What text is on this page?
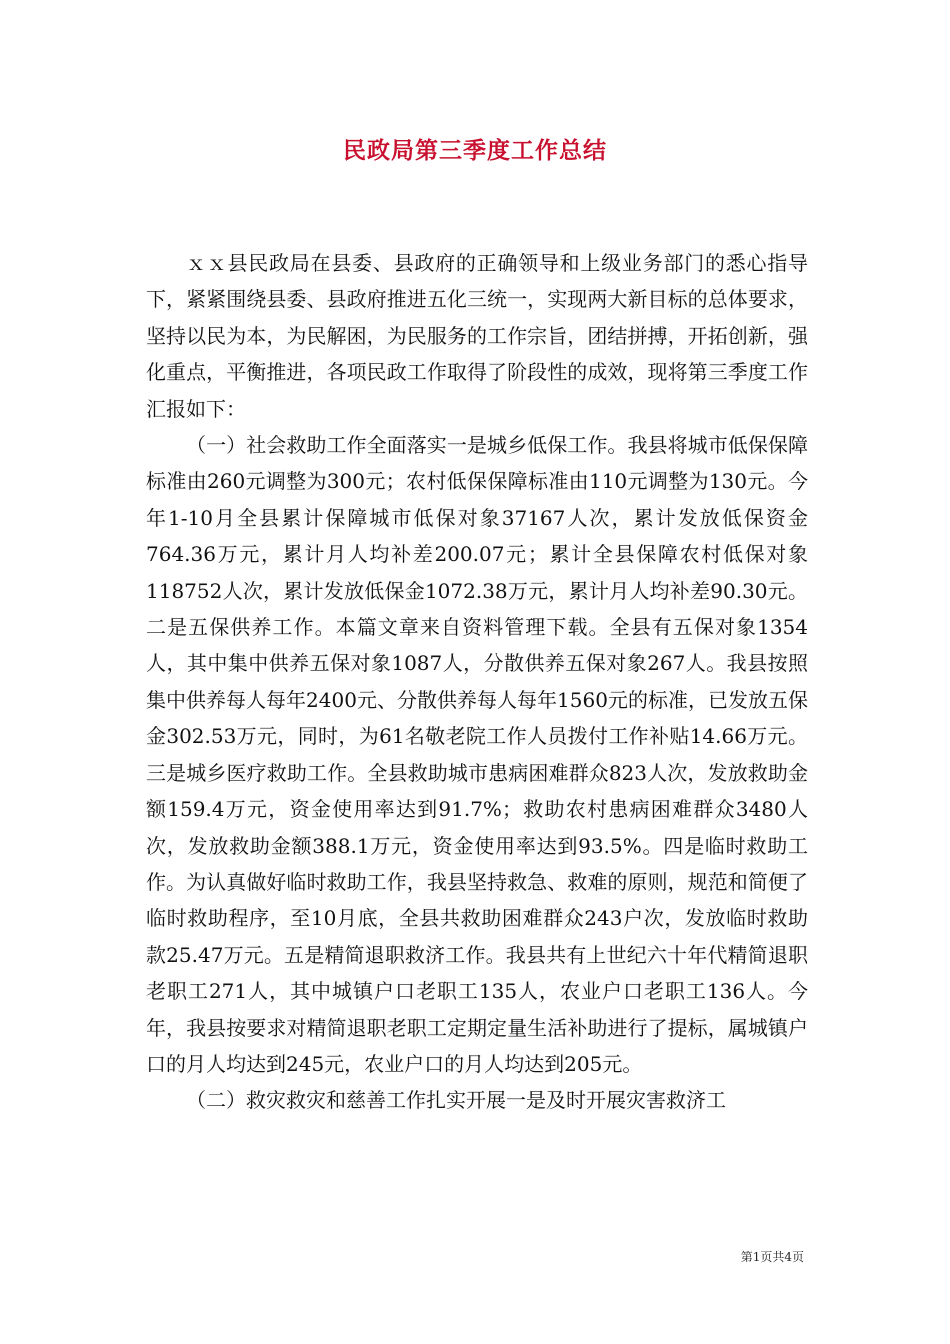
民政局第三季度工作总结

ｘｘ县民政局在县委、县政府的正确领导和上级业务部门的悉心指导下，紧紧围绕县委、县政府推进五化三统一，实现两大新目标的总体要求，坚持以民为本，为民解困，为民服务的工作宗旨，团结拼搏，开拓创新，强化重点，平衡推进，各项民政工作取得了阶段性的成效，现将第三季度工作汇报如下：

（一）社会救助工作全面落实一是城乡低保工作。我县将城市低保保障标准由260元调整为300元；农村低保保障标准由110元调整为130元。今年1-10月全县累计保障城市低保对象37167人次，累计发放低保资金764.36万元，累计月人均补差200.07元；累计全县保障农村低保对象118752人次，累计发放低保金1072.38万元，累计月人均补差90.30元。二是五保供养工作。本篇文章来自资料管理下载。全县有五保对象1354人，其中集中供养五保对象1087人，分散供养五保对象267人。我县按照集中供养每人每年2400元、分散供养每人每年1560元的标准，已发放五保金302.53万元，同时，为61名敬老院工作人员拨付工作补贴14.66万元。三是城乡医疗救助工作。全县救助城市患病困难群众823人次，发放救助金额159.4万元，资金使用率达到91.7%；救助农村患病困难群众3480人次，发放救助金额388.1万元，资金使用率达到93.5%。四是临时救助工作。为认真做好临时救助工作，我县坚持救急、救难的原则，规范和简便了临时救助程序，至10月底，全县共救助困难群众243户次，发放临时救助款25.47万元。五是精简退职救济工作。我县共有上世纪六十年代精简退职老职工271人，其中城镇户口老职工135人，农业户口老职工136人。今年，我县按要求对精简退职老职工定期定量生活补助进行了提标，属城镇户口的月人均达到245元，农业户口的月人均达到205元。

（二）救灾救灾和慈善工作扎实开展一是及时开展灾害救济工

第1页共4页
